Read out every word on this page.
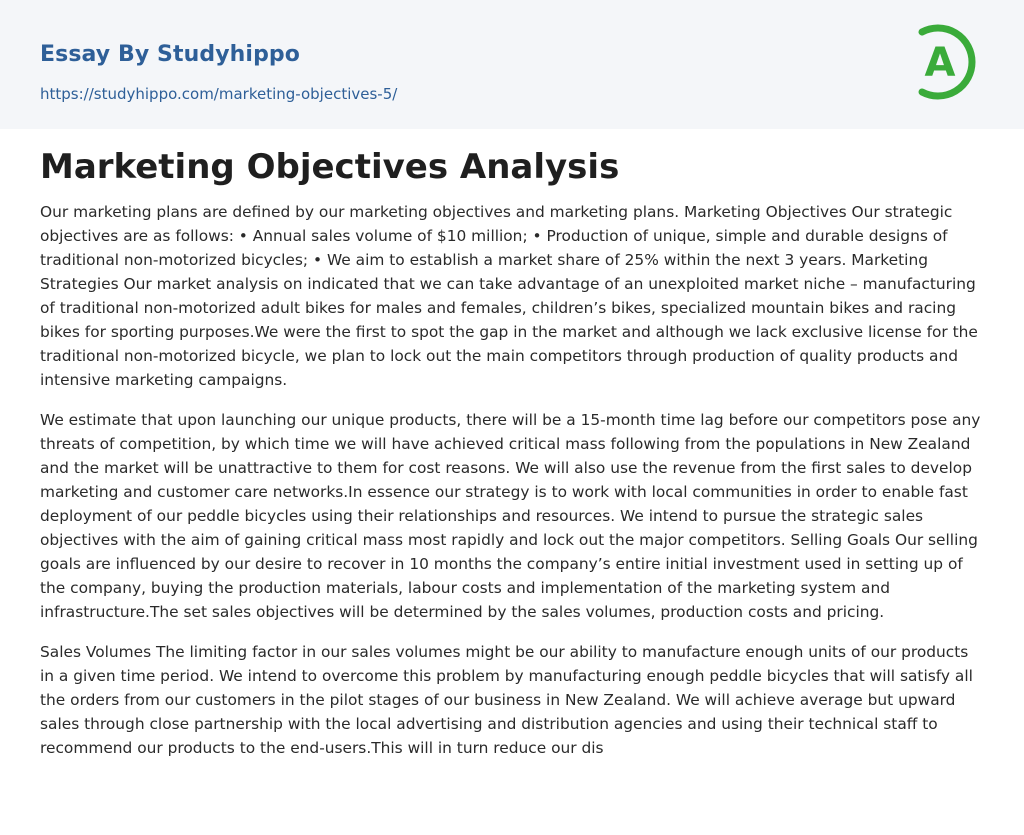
Essay By Studyhippo
https://studyhippo.com/marketing-objectives-5/
A
Marketing Objectives Analysis

Our marketing plans are defined by our marketing objectives and marketing plans. Marketing Objectives Our strategic objectives are as follows: • Annual sales volume of $10 million; • Production of unique, simple and durable designs of traditional non-motorized bicycles; • We aim to establish a market share of 25% within the next 3 years. Marketing Strategies Our market analysis on indicated that we can take advantage of an unexploited market niche – manufacturing of traditional non-motorized adult bikes for males and females, children’s bikes, specialized mountain bikes and racing bikes for sporting purposes.We were the first to spot the gap in the market and although we lack exclusive license for the traditional non-motorized bicycle, we plan to lock out the main competitors through production of quality products and intensive marketing campaigns.

We estimate that upon launching our unique products, there will be a 15-month time lag before our competitors pose any threats of competition, by which time we will have achieved critical mass following from the populations in New Zealand and the market will be unattractive to them for cost reasons. We will also use the revenue from the first sales to develop marketing and customer care networks.In essence our strategy is to work with local communities in order to enable fast deployment of our peddle bicycles using their relationships and resources. We intend to pursue the strategic sales objectives with the aim of gaining critical mass most rapidly and lock out the major competitors. Selling Goals Our selling goals are influenced by our desire to recover in 10 months the company’s entire initial investment used in setting up of the company, buying the production materials, labour costs and implementation of the marketing system and infrastructure.The set sales objectives will be determined by the sales volumes, production costs and pricing.

Sales Volumes The limiting factor in our sales volumes might be our ability to manufacture enough units of our products in a given time period. We intend to overcome this problem by manufacturing enough peddle bicycles that will satisfy all the orders from our customers in the pilot stages of our business in New Zealand. We will achieve average but upward sales through close partnership with the local advertising and distribution agencies and using their technical staff to recommend our products to the end-users.This will in turn reduce our dis
